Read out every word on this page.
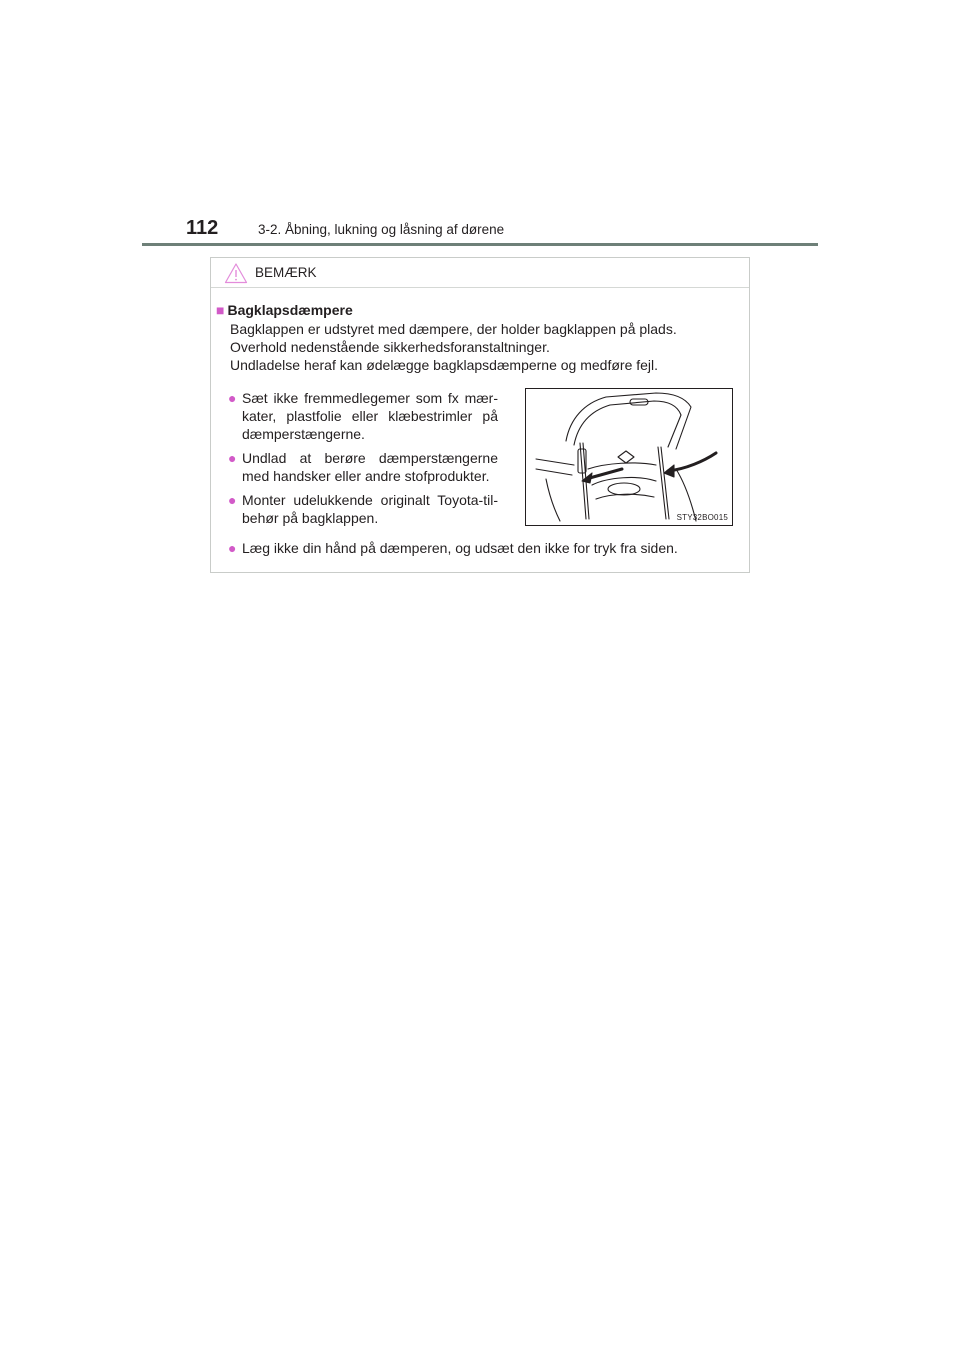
112	3-2. Åbning, lukning og låsning af dørene
BEMÆRK
■ Bagklapsdæmpere
Bagklappen er udstyret med dæmpere, der holder bagklappen på plads.
Overhold nedenstående sikkerhedsforanstaltninger.
Undladelse heraf kan ødelægge bagklapsdæmperne og medføre fejl.
● Sæt ikke fremmedlegemer som fx mær-kater, plastfolie eller klæbestrimler på dæmperstængerne.
● Undlad at berøre dæmperstængerne med handsker eller andre stofprodukter.
● Monter udelukkende originalt Toyota-til-behør på bagklappen.	STY32BO015
● Læg ikke din hånd på dæmperen, og udsæt den ikke for tryk fra siden.
